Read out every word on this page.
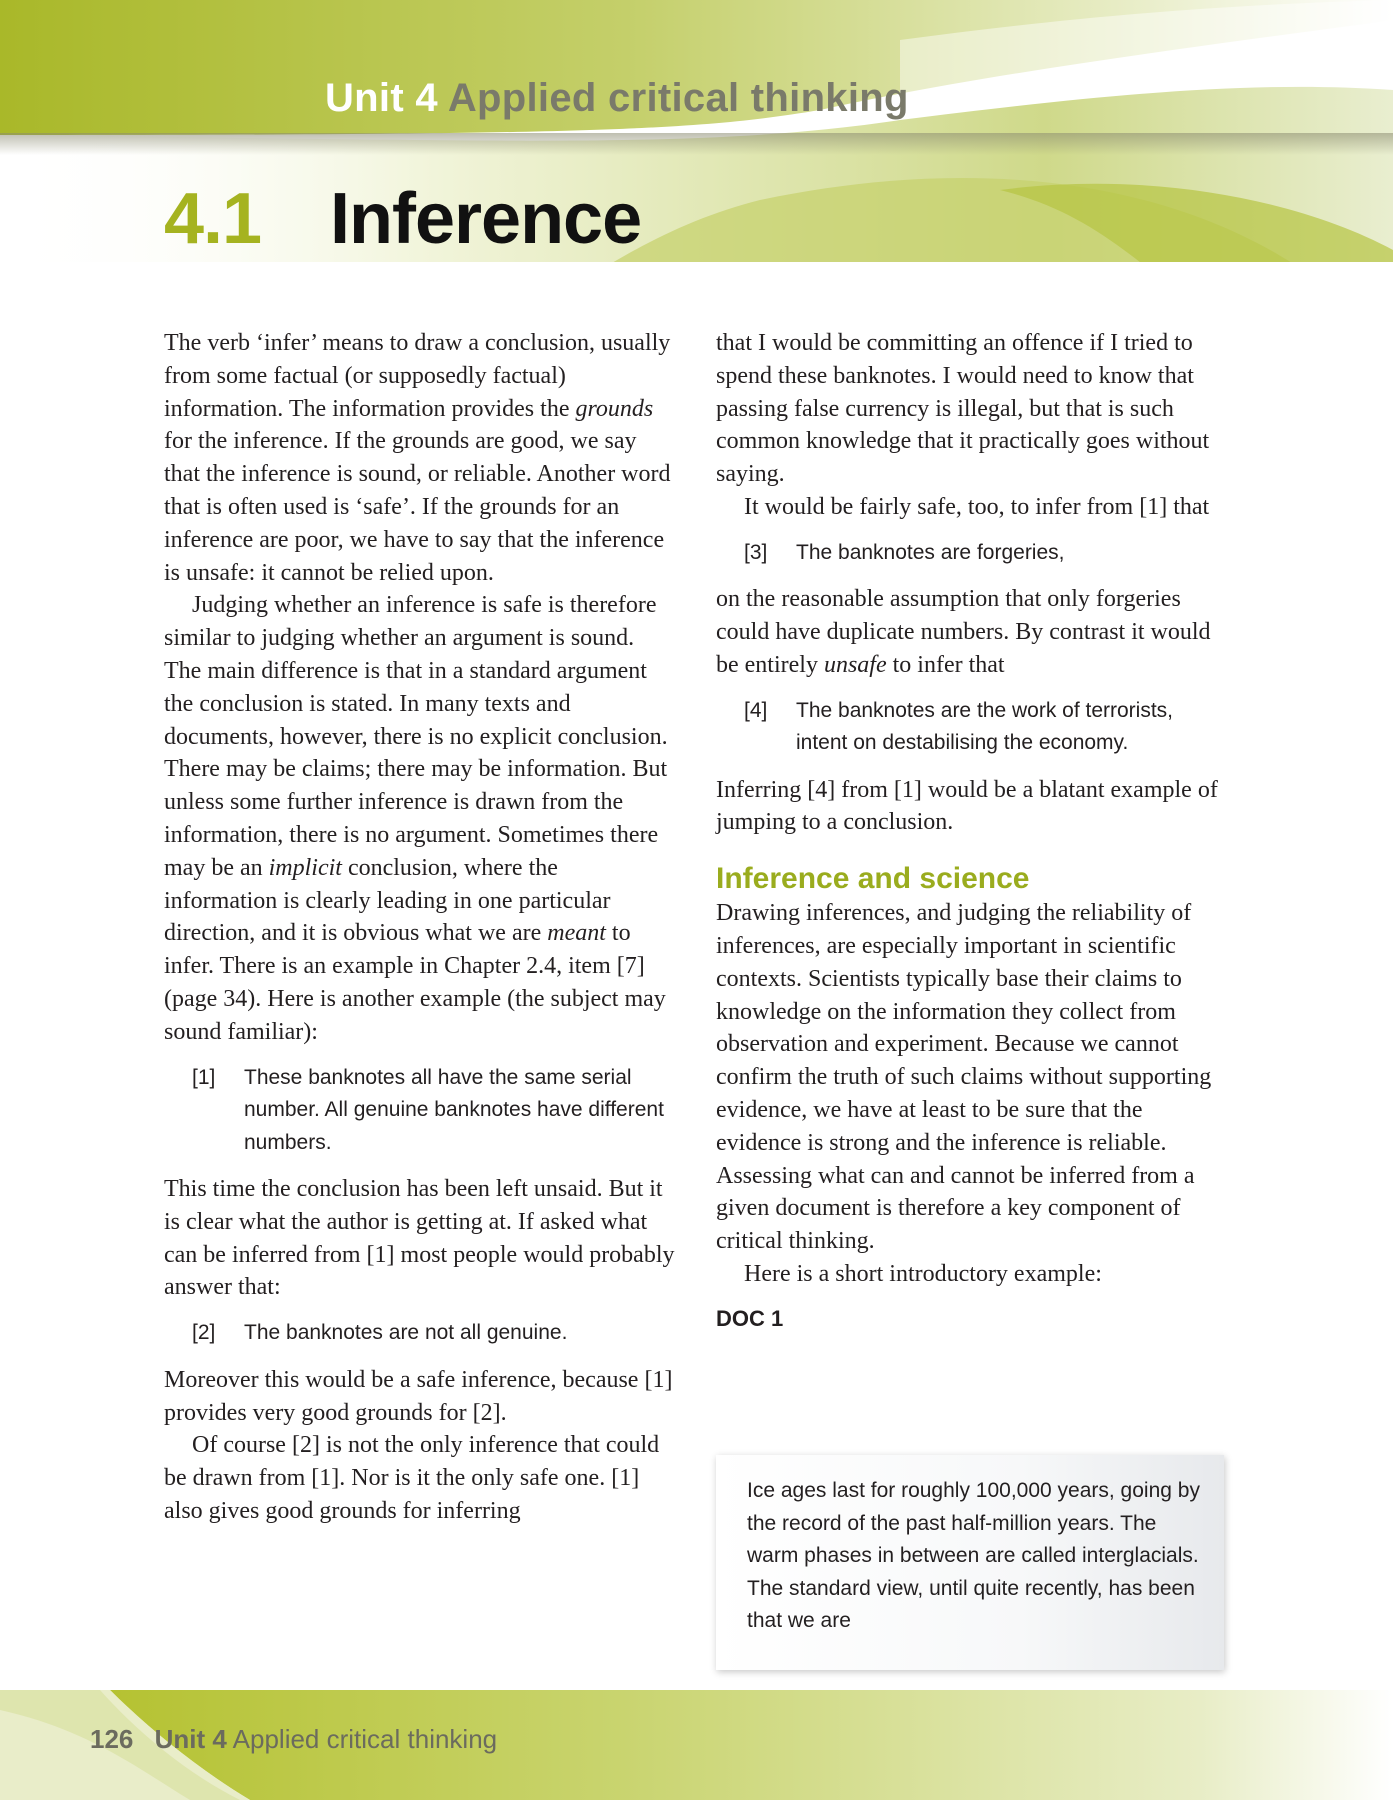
Unit 4 Applied critical thinking
4.1 Inference

The verb ‘infer’ means to draw a conclusion, usually from some factual (or supposedly factual) information. The information provides the grounds for the inference. If the grounds are good, we say that the inference is sound, or reliable. Another word that is often used is ‘safe’. If the grounds for an inference are poor, we have to say that the inference is unsafe: it cannot be relied upon.

Judging whether an inference is safe is therefore similar to judging whether an argument is sound. The main difference is that in a standard argument the conclusion is stated. In many texts and documents, however, there is no explicit conclusion. There may be claims; there may be information. But unless some further inference is drawn from the information, there is no argument. Sometimes there may be an implicit conclusion, where the information is clearly leading in one particular direction, and it is obvious what we are meant to infer. There is an example in Chapter 2.4, item [7] (page 34). Here is another example (the subject may sound familiar):

[1]	These banknotes all have the same serial number. All genuine banknotes have different numbers.

This time the conclusion has been left unsaid. But it is clear what the author is getting at. If asked what can be inferred from [1] most people would probably answer that:

[2]	The banknotes are not all genuine.

Moreover this would be a safe inference, because [1] provides very good grounds for [2].

Of course [2] is not the only inference that could be drawn from [1]. Nor is it the only safe one. [1] also gives good grounds for inferring

that I would be committing an offence if I tried to spend these banknotes. I would need to know that passing false currency is illegal, but that is such common knowledge that it practically goes without saying.

It would be fairly safe, too, to infer from [1] that

[3]	The banknotes are forgeries,

on the reasonable assumption that only forgeries could have duplicate numbers. By contrast it would be entirely unsafe to infer that

[4]	The banknotes are the work of terrorists, intent on destabilising the economy.

Inferring [4] from [1] would be a blatant example of jumping to a conclusion.

Inference and science

Drawing inferences, and judging the reliability of inferences, are especially important in scientific contexts. Scientists typically base their claims to knowledge on the information they collect from observation and experiment. Because we cannot confirm the truth of such claims without supporting evidence, we have at least to be sure that the evidence is strong and the inference is reliable. Assessing what can and cannot be inferred from a given document is therefore a key component of critical thinking.

Here is a short introductory example:

DOC 1
Ice ages last for roughly 100,000 years, going by the record of the past half-million years. The warm phases in between are called interglacials. The standard view, until quite recently, has been that we are
126 Unit 4 Applied critical thinking
